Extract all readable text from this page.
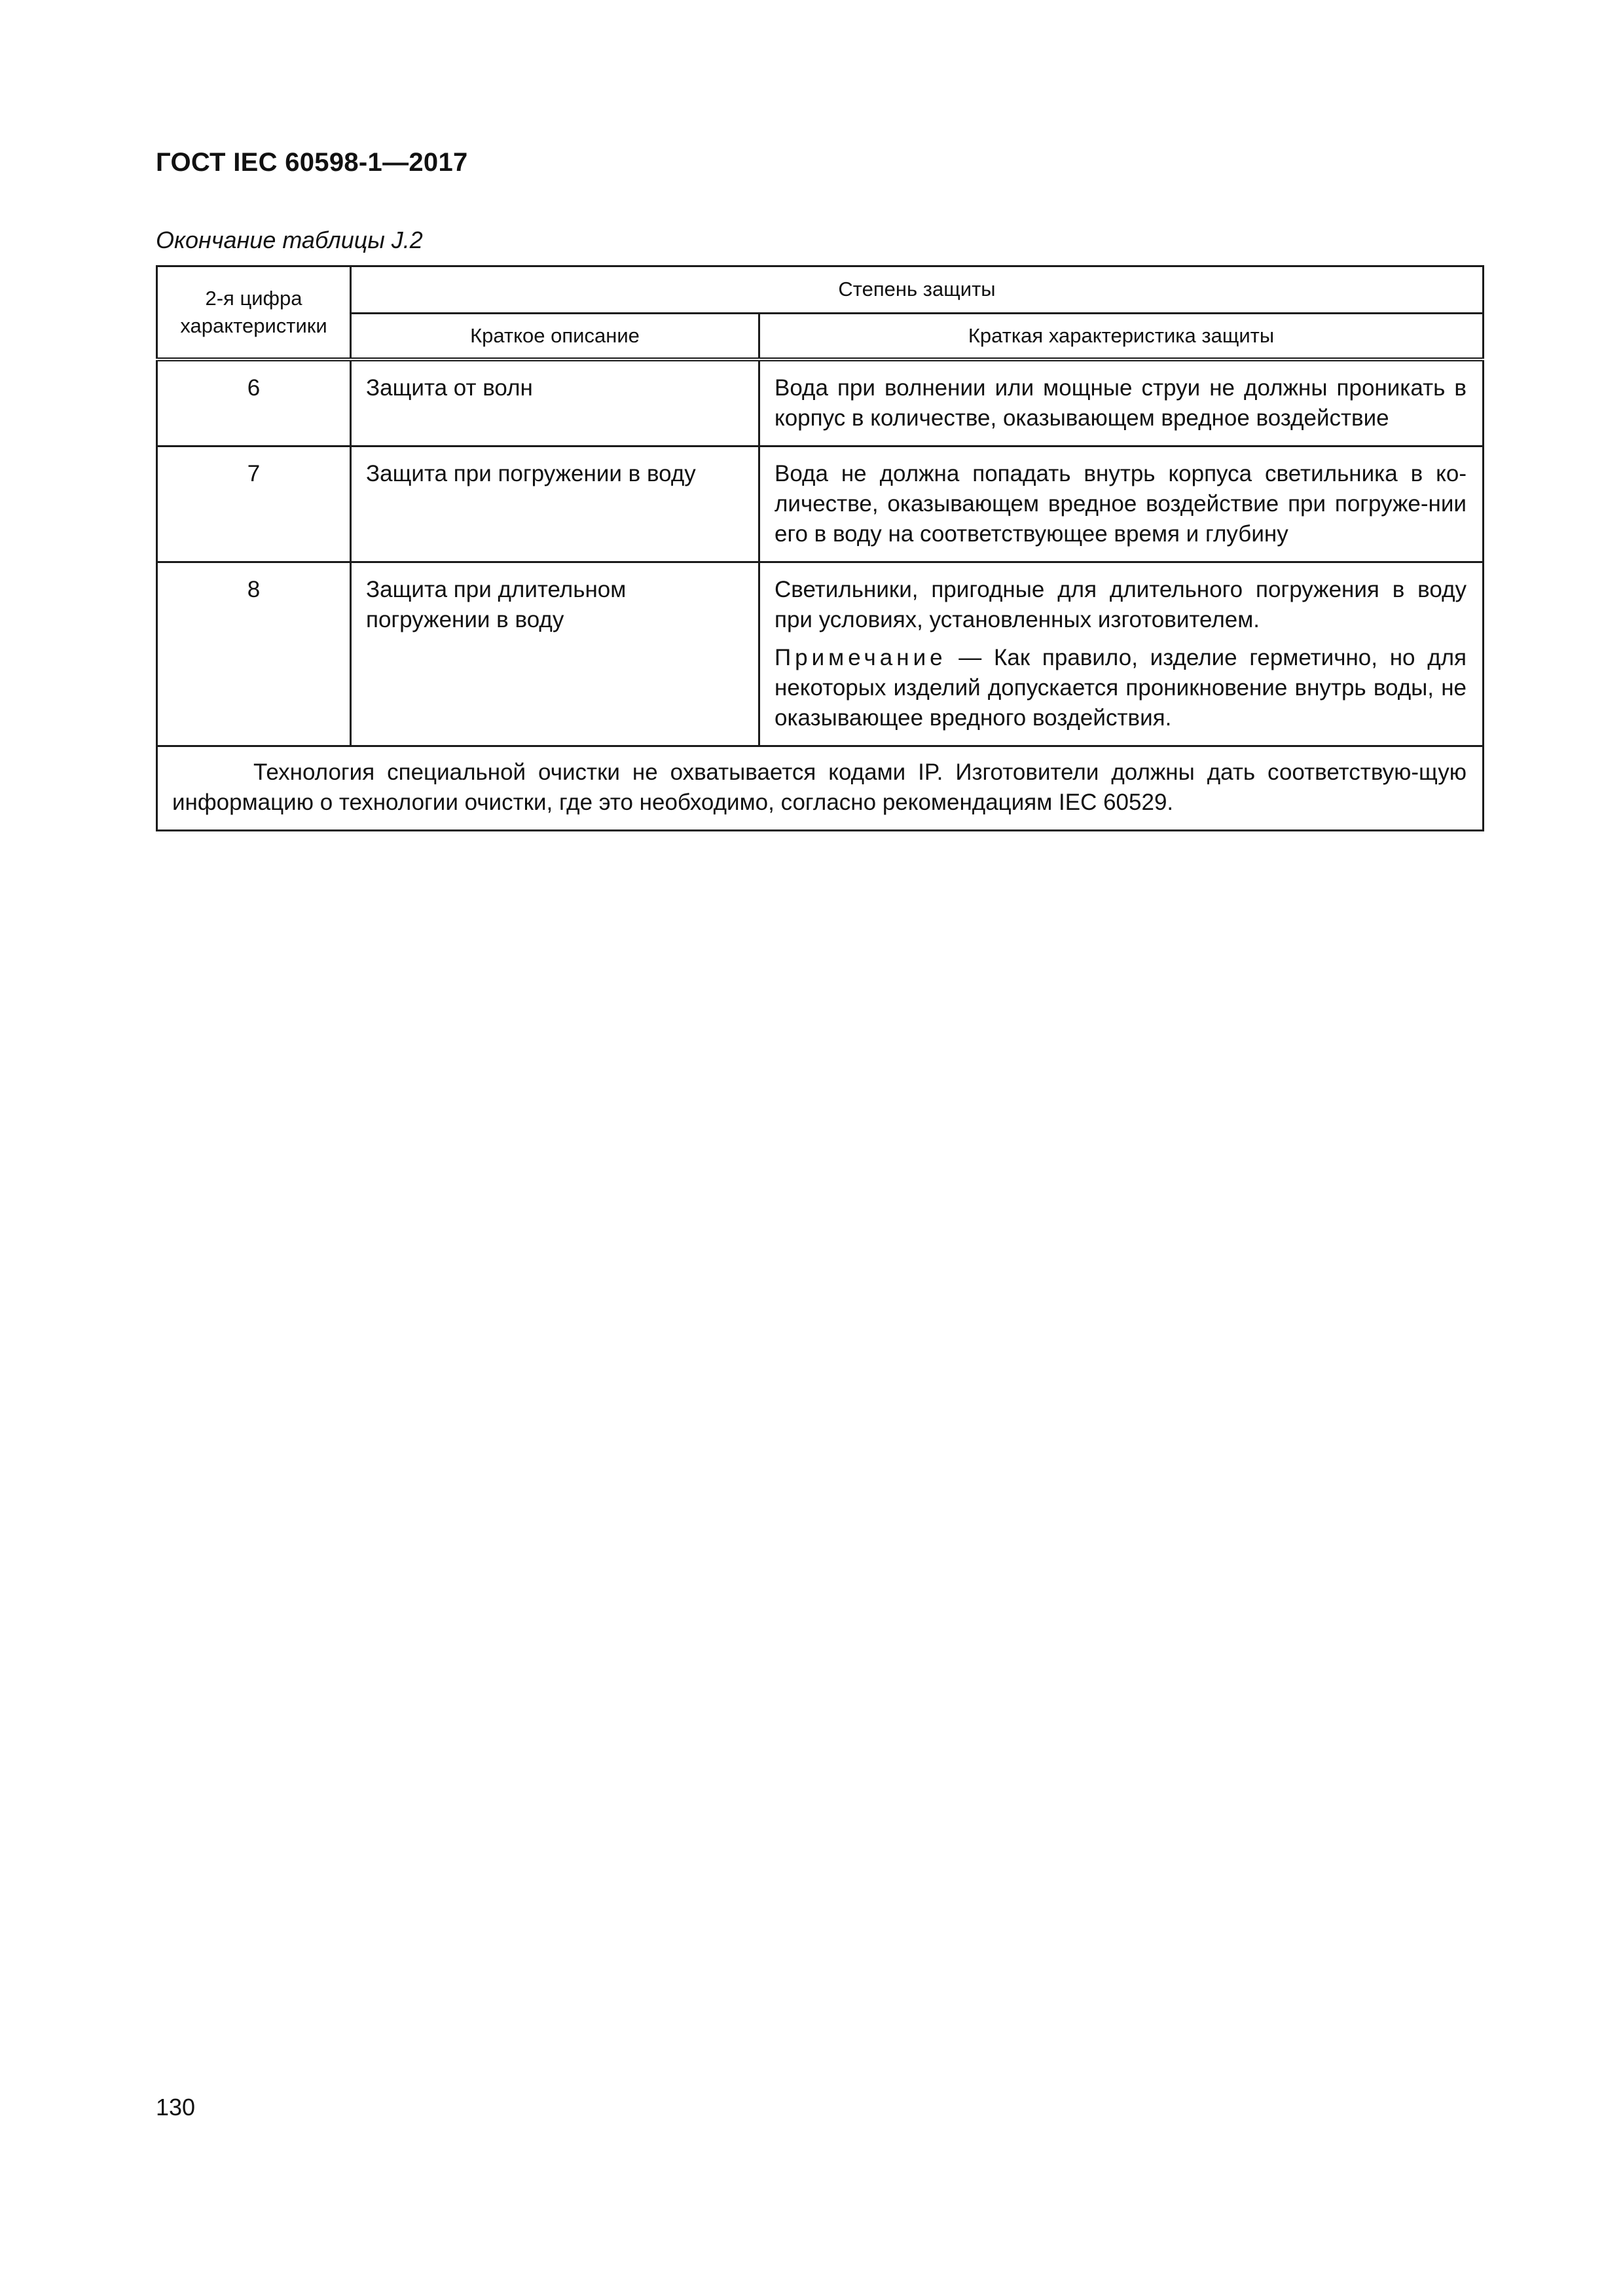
ГОСТ IEC 60598-1—2017

Окончание таблицы J.2

2-я цифра характеристики	Степень защиты	
	Краткое описание	Краткая характеристика защиты
6	Защита от волн	Вода при волнении или мощные струи не должны проникать в корпус в количестве, оказывающем вредное воздействие
7	Защита при погружении в воду	Вода не должна попадать внутрь корпуса светильника в ко-личестве, оказывающем вредное воздействие при погруже-нии его в воду на соответствующее время и глубину
8	Защита при длительном погружении в воду	Светильники, пригодные для длительного погружения в воду при условиях, установленных изготовителем.
Примечание — Как правило, изделие герметично, но для некоторых изделий допускается проникновение внутрь воды, не оказывающее вредного воздействия.

Технология специальной очистки не охватывается кодами IP. Изготовители должны дать соответствую-щую информацию о технологии очистки, где это необходимо, согласно рекомендациям IEC 60529.		

130
